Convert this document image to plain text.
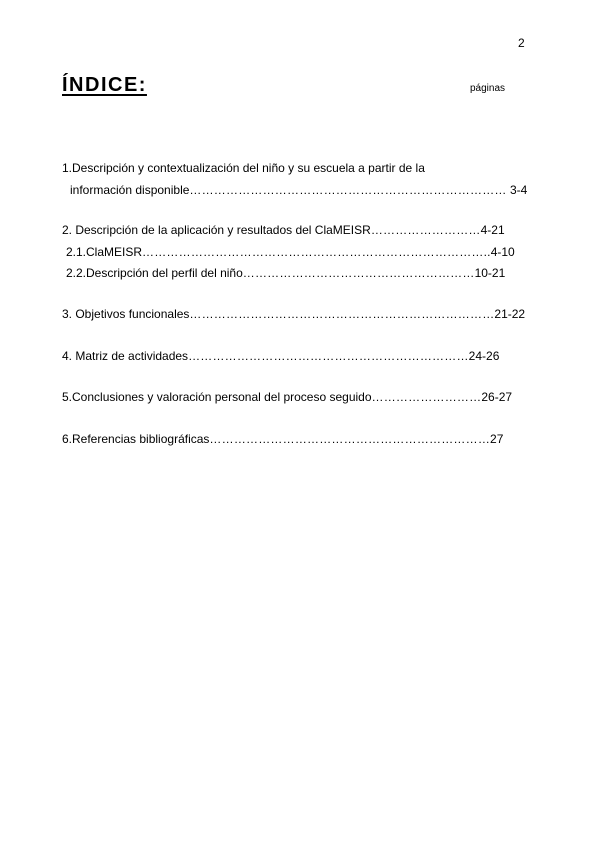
2
ÍNDICE:	páginas
1.Descripción y contextualización del niño y su escuela a partir de la
información disponible…………………………………………………………………… 3-4
2. Descripción de la aplicación y resultados del ClaMEISR………………………4-21
2.1.ClaMEISR…………………………………………………………………………..4-10
2.2.Descripción del perfil del niño…………………………………………………10-21
3. Objetivos funcionales…………………………………………………………………21-22
4. Matriz de actividades……………………………………………………………24-26
5.Conclusiones y valoración personal del proceso seguido………………………26-27
6.Referencias bibliográficas……………………………………………………………27
